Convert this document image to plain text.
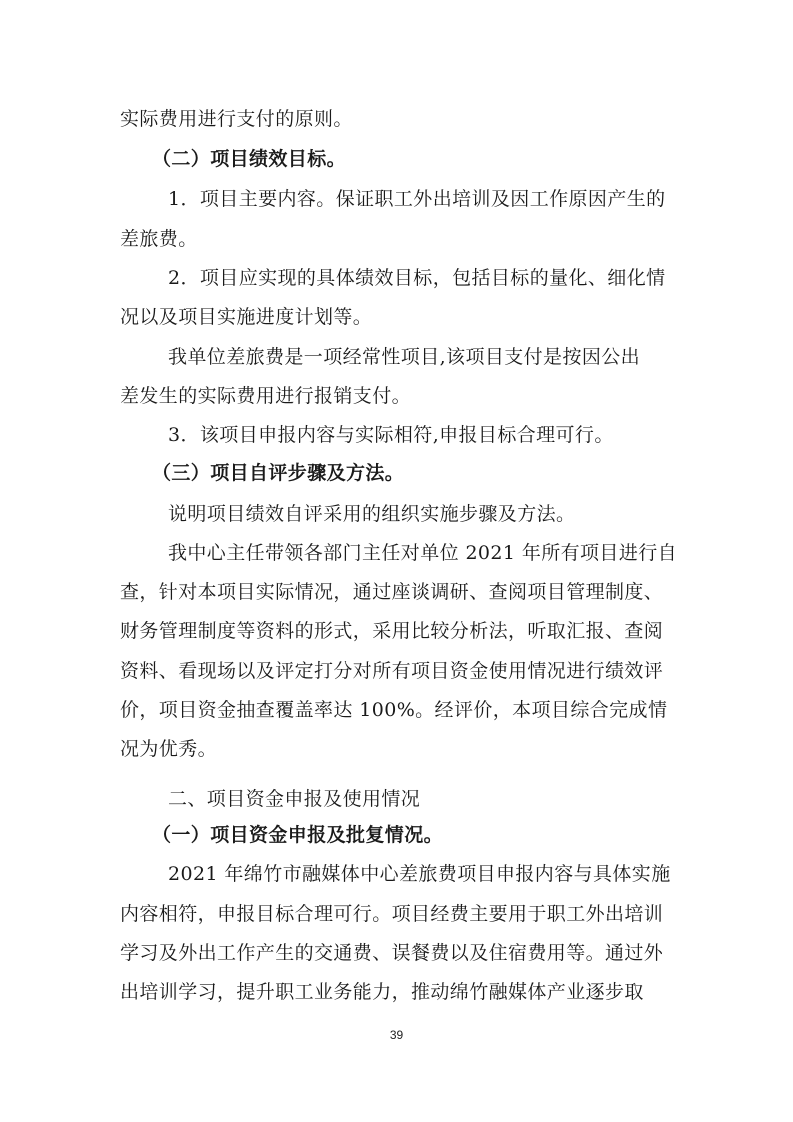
实际费用进行支付的原则。
（二）项目绩效目标。
1．项目主要内容。保证职工外出培训及因工作原因产生的
差旅费。
2．项目应实现的具体绩效目标，包括目标的量化、细化情
况以及项目实施进度计划等。
我单位差旅费是一项经常性项目,该项目支付是按因公出
差发生的实际费用进行报销支付。
3．该项目申报内容与实际相符,申报目标合理可行。
（三）项目自评步骤及方法。
说明项目绩效自评采用的组织实施步骤及方法。
我中心主任带领各部门主任对单位 2021 年所有项目进行自
查，针对本项目实际情况，通过座谈调研、查阅项目管理制度、
财务管理制度等资料的形式，采用比较分析法，听取汇报、查阅
资料、看现场以及评定打分对所有项目资金使用情况进行绩效评
价，项目资金抽查覆盖率达 100%。经评价，本项目综合完成情
况为优秀。
二、项目资金申报及使用情况
（一）项目资金申报及批复情况。
2021 年绵竹市融媒体中心差旅费项目申报内容与具体实施
内容相符，申报目标合理可行。项目经费主要用于职工外出培训
学习及外出工作产生的交通费、误餐费以及住宿费用等。通过外
出培训学习，提升职工业务能力，推动绵竹融媒体产业逐步取
39
